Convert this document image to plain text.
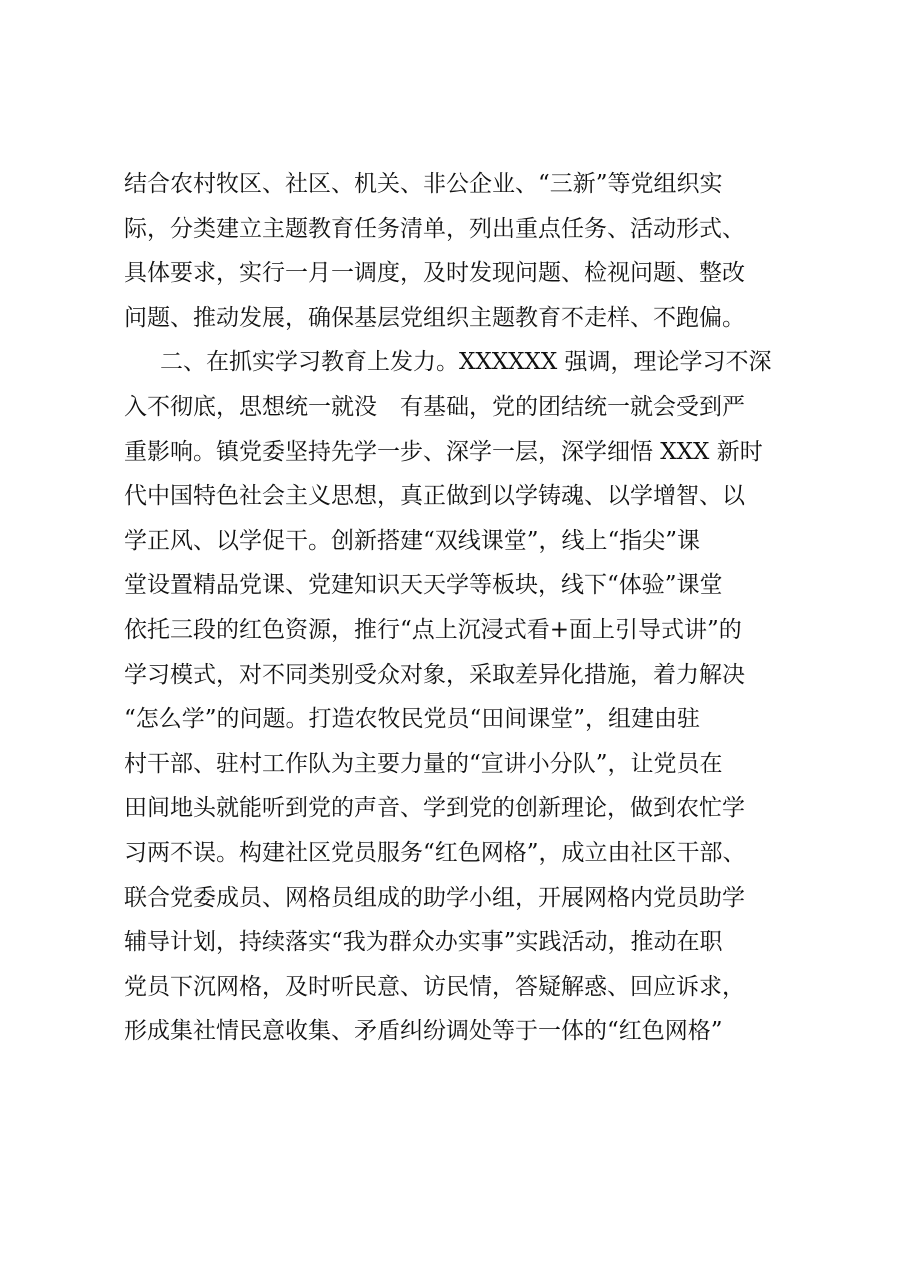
结合农村牧区、社区、机关、非公企业、“三新”等党组织实
际，分类建立主题教育任务清单，列出重点任务、活动形式、
具体要求，实行一月一调度，及时发现问题、检视问题、整改
问题、推动发展，确保基层党组织主题教育不走样、不跑偏。
二、在抓实学习教育上发力。XXXXXX 强调，理论学习不深
入不彻底，思想统一就没　有基础，党的团结统一就会受到严
重影响。镇党委坚持先学一步、深学一层，深学细悟 XXX 新时
代中国特色社会主义思想，真正做到以学铸魂、以学增智、以
学正风、以学促干。创新搭建“双线课堂”，线上“指尖”课
堂设置精品党课、党建知识天天学等板块，线下“体验”课堂
依托三段的红色资源，推行“点上沉浸式看+面上引导式讲”的
学习模式，对不同类别受众对象，采取差异化措施，着力解决
“怎么学”的问题。打造农牧民党员“田间课堂”，组建由驻
村干部、驻村工作队为主要力量的“宣讲小分队”，让党员在
田间地头就能听到党的声音、学到党的创新理论，做到农忙学
习两不误。构建社区党员服务“红色网格”，成立由社区干部、
联合党委成员、网格员组成的助学小组，开展网格内党员助学
辅导计划，持续落实“我为群众办实事”实践活动，推动在职
党员下沉网格，及时听民意、访民情，答疑解惑、回应诉求，
形成集社情民意收集、矛盾纠纷调处等于一体的“红色网格”
